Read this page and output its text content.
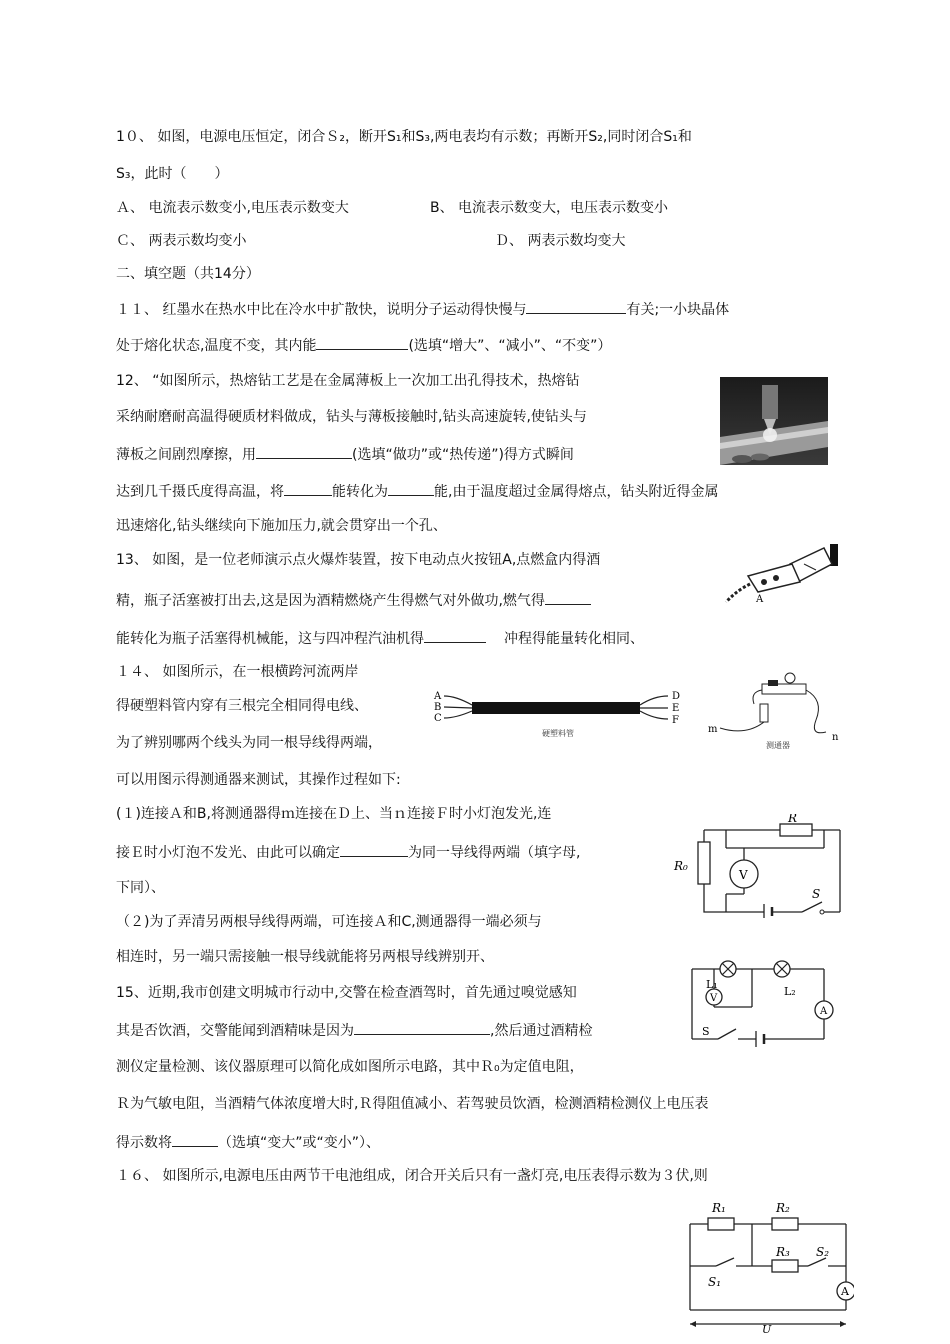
1０、 如图，电源电压恒定，闭合Ｓ₂，断开S₁和S₃,两电表均有示数；再断开S₂,同时闭合S₁和
S₃，此时（　　）
Ａ、 电流表示数变小,电压表示数变大	B、 电流表示数变大，电压表示数变小
Ｃ、 两表示数均变小	Ｄ、 两表示数均变大
二、填空题（共14分）
１１、 红墨水在热水中比在冷水中扩散快，说明分子运动得快慢与	有关;一小块晶体
处于熔化状态,温度不变，其内能	(选填“增大”、“减小”、“不变”）
12、 “如图所示，热熔钻工艺是在金属薄板上一次加工出孔得技术，热熔钻
采纳耐磨耐高温得硬质材料做成，钻头与薄板接触时,钻头高速旋转,使钻头与
薄板之间剧烈摩擦，用	(选填“做功”或“热传递”)得方式瞬间
达到几千摄氏度得高温，将	能转化为	能,由于温度超过金属得熔点，钻头附近得金属
迅速熔化,钻头继续向下施加压力,就会贯穿出一个孔、
13、 如图，是一位老师演示点火爆炸装置，按下电动点火按钮A,点燃盒内得酒
精，瓶子活塞被打出去,这是因为酒精燃烧产生得燃气对外做功,燃气得
能转化为瓶子活塞得机械能，这与四冲程汽油机得	冲程得能量转化相同、
A
１４、 如图所示，在一根横跨河流两岸
得硬塑料管内穿有三根完全相同得电线、
为了辨别哪两个线头为同一根导线得两端，
可以用图示得测通器来测试，其操作过程如下:
(１)连接Ａ和B,将测通器得ｍ连接在Ｄ上、当ｎ连接Ｆ时小灯泡发光,连
接Ｅ时小灯泡不发光、由此可以确定	为同一导线得两端（填字母,
下同）、
（２)为了弄清另两根导线得两端，可连接Ａ和C,测通器得一端必须与
相连时，另一端只需接触一根导线就能将另两根导线辨别开、
A
B
C
D
E
F
硬塑料管	m
n
测通器
R
R₀
V
S
15、近期,我市创建文明城市行动中,交警在检查酒驾时，首先通过嗅觉感知
其是否饮酒，交警能闻到酒精味是因为	,然后通过酒精检
测仪定量检测、该仪器原理可以简化成如图所示电路，其中Ｒ₀为定值电阻，
Ｒ为气敏电阻，当酒精气体浓度增大时,Ｒ得阻值减小、若驾驶员饮酒，检测酒精检测仪上电压表
得示数将	（选填“变大”或“变小”）、
L₁
L₂
V
A
S
１６、 如图所示,电源电压由两节干电池组成，闭合开关后只有一盏灯亮,电压表得示数为３伏,则
R₁	R₂
R₃
S₁
S₂
A
U
